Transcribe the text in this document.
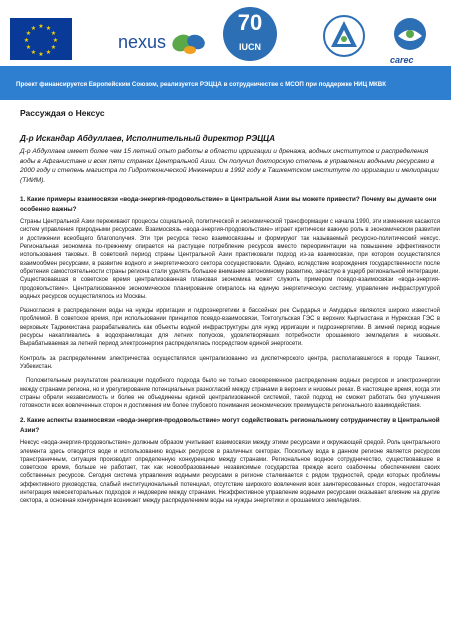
★ ★
★
★
★
★
★
★
★
★
★
★
nexus
70
IUCN
carec
Проект финансируется Европейским Союзом, реализуется РЭЦЦА в сотрудничестве с МСОП при поддержке НИЦ МКВК
Рассуждая о Нексус
Д-р Искандар Абдуллаев, Исполнительный директор РЭЦЦА
Д-р Абдуллаев имеет более чем 15 летний опыт работы в области ирригации и дренажа, водных институтов и распределения воды в Афганистане и всех пяти странах Центральной Азии. Он получил докторскую степень в управлении водными ресурсами в 2000 году и степень магистра по Гидротехнической Инженерии в 1992 году в Ташкентском институте по ирригации и мелиорации (ТИИМ).
1. Какие примеры взаимосвязи «вода-энергия-продовольствие» в Центральной Азии вы можете привести? Почему вы думаете они особенно важны?
Страны Центральной Азии переживают процессы социальной, политической и экономической трансформации с начала 1990, эти изменения касаются систем управления природными ресурсами. Взаимосвязь «вода-энергия-продовольствие» играет критически важную роль в экономическом развитии и достижении всеобщего благополучия. Эти три ресурса тесно взаимосвязаны и формируют так называемый ресурсно-политический нексус. Региональная экономика по-прежнему опирается на растущее потребление ресурсов вместо переориентации на повышение эффективности использования таковых. В советский период страны Центральной Азии практиковали подход из-за взаимосвязи, при котором осуществлялся взаимообмен ресурсами, в развитие водного и энергетического сектора сосуществовали. Однако, вследствие возрождения государственности после обретения самостоятельности страны региона стали уделять большее внимание автономному развитию, зачастую в ущерб региональной интеграции. Существовавшая в советское время централизованная плановая экономика может служить примером псевдо-взаимосвязи «вода-энергия-продовольствие». Централизованное экономическое планирование опиралось на единую энергетическую систему, управление инфраструктурой водных ресурсов осуществлялось из Москвы.
Разногласия в распределении воды на нужды ирригации и гидроэнергетики в бассейнах рек Сырдарья и Амударья являются широко известной проблемой. В советское время, при использовании принципов псевдо-взаимосвязи, Токтогульская ГЭС в верхних Кыргызстана и Нурекская ГЭС в верховьях Таджикистана разрабатывались как объекты водной инфраструктуры для нужд ирригации и гидроэнергетики. В зимний период водные ресурсы накапливались в водохранилищах для летних попусков, удовлетворявших потребности орошаемого земледелия в низовьях. Вырабатываемая за летний период электроэнергия распределялась посредством единой энергосети.
Контроль за распределением электричества осуществлялся централизованно из диспетчерского центра, располагавшегося в городе Ташкент, Узбекистан.
Положительным результатом реализации подобного подхода было не только своевременное распределение водных ресурсов и электроэнергии между странами региона, но и урегулирование потенциальных разногласий между странами в верхних и низовых реках. В настоящее время, когда эти страны обрели независимость и более не объединены единой централизованной системой, такой подход не сможет работать без улучшения готовности всех вовлеченных сторон и достижения им более глубокого понимания экономических преимуществ регионального взаимодействия.
2. Какие аспекты взаимосвязи «вода-энергия-продовольствие» могут содействовать региональному сотрудничеству в Центральной Азии?
Нексус «вода-энергия-продовольствие» должным образом учитывает взаимосвязи между этими ресурсами и окружающей средой. Роль центрального элемента здесь отводится воде и использованию водных ресурсов в различных секторах. Поскольку вода в данном регионе является ресурсом трансграничным, ситуация производит определенную конкуренцию между странами. Региональное водное сотрудничество, существовавшее в советское время, больше не работает, так как новообразованные независимые государства прежде всего озабочены обеспечением своих собственных ресурсов. Сегодня система управления водными ресурсами в регионе сталкивается с рядом трудностей, среди которых проблемы эффективного руководства, слабый институциональный потенциал, отсутствие широкого вовлечения всех заинтересованных сторон, недостаточная интеграция межсекторальных подходов и недоверие между странами. Неэффективное управление водными ресурсами оказывает влияние на другие сектора, а основная конкуренция возникает между распределением воды на нужды энергетики и орошаемого земледелия.
